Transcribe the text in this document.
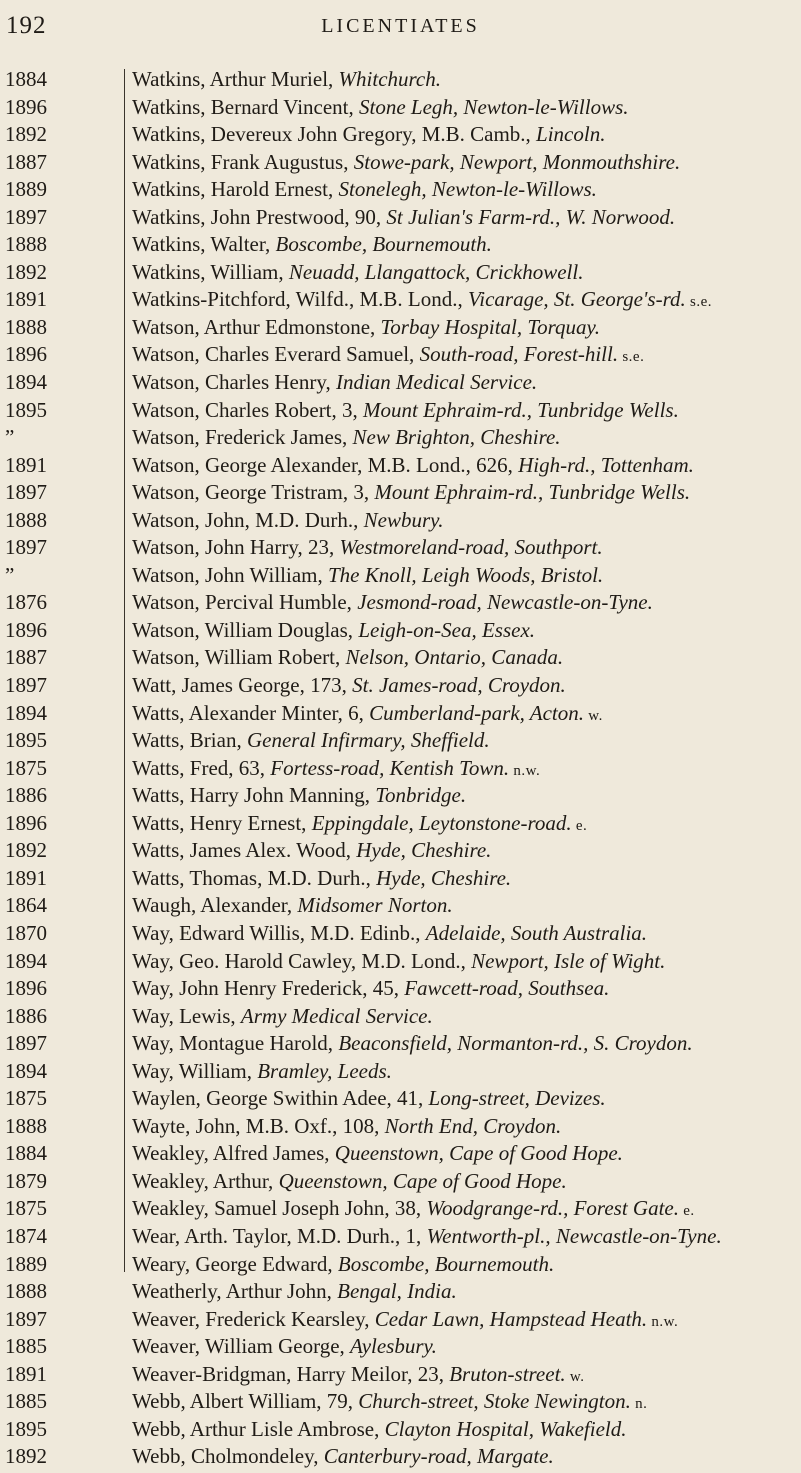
192	LICENTIATES
1884	Watkins, Arthur Muriel, Whitchurch.
1896	Watkins, Bernard Vincent, Stone Legh, Newton-le-Willows.
1892	Watkins, Devereux John Gregory, M.B. Camb., Lincoln.
1887	Watkins, Frank Augustus, Stowe-park, Newport, Monmouthshire.
1889	Watkins, Harold Ernest, Stonelegh, Newton-le-Willows.
1897	Watkins, John Prestwood, 90, St Julian's Farm-rd., W. Norwood.
1888	Watkins, Walter, Boscombe, Bournemouth.
1892	Watkins, William, Neuadd, Llangattock, Crickhowell.
1891	Watkins-Pitchford, Wilfd., M.B. Lond., Vicarage, St. George's-rd. s.e.
1888	Watson, Arthur Edmonstone, Torbay Hospital, Torquay.
1896	Watson, Charles Everard Samuel, South-road, Forest-hill. s.e.
1894	Watson, Charles Henry, Indian Medical Service.
1895	Watson, Charles Robert, 3, Mount Ephraim-rd., Tunbridge Wells.
”	Watson, Frederick James, New Brighton, Cheshire.
1891	Watson, George Alexander, M.B. Lond., 626, High-rd., Tottenham.
1897	Watson, George Tristram, 3, Mount Ephraim-rd., Tunbridge Wells.
1888	Watson, John, M.D. Durh., Newbury.
1897	Watson, John Harry, 23, Westmoreland-road, Southport.
”	Watson, John William, The Knoll, Leigh Woods, Bristol.
1876	Watson, Percival Humble, Jesmond-road, Newcastle-on-Tyne.
1896	Watson, William Douglas, Leigh-on-Sea, Essex.
1887	Watson, William Robert, Nelson, Ontario, Canada.
1897	Watt, James George, 173, St. James-road, Croydon.
1894	Watts, Alexander Minter, 6, Cumberland-park, Acton. w.
1895	Watts, Brian, General Infirmary, Sheffield.
1875	Watts, Fred, 63, Fortess-road, Kentish Town. n.w.
1886	Watts, Harry John Manning, Tonbridge.
1896	Watts, Henry Ernest, Eppingdale, Leytonstone-road. e.
1892	Watts, James Alex. Wood, Hyde, Cheshire.
1891	Watts, Thomas, M.D. Durh., Hyde, Cheshire.
1864	Waugh, Alexander, Midsomer Norton.
1870	Way, Edward Willis, M.D. Edinb., Adelaide, South Australia.
1894	Way, Geo. Harold Cawley, M.D. Lond., Newport, Isle of Wight.
1896	Way, John Henry Frederick, 45, Fawcett-road, Southsea.
1886	Way, Lewis, Army Medical Service.
1897	Way, Montague Harold, Beaconsfield, Normanton-rd., S. Croydon.
1894	Way, William, Bramley, Leeds.
1875	Waylen, George Swithin Adee, 41, Long-street, Devizes.
1888	Wayte, John, M.B. Oxf., 108, North End, Croydon.
1884	Weakley, Alfred James, Queenstown, Cape of Good Hope.
1879	Weakley, Arthur, Queenstown, Cape of Good Hope.
1875	Weakley, Samuel Joseph John, 38, Woodgrange-rd., Forest Gate. e.
1874	Wear, Arth. Taylor, M.D. Durh., 1, Wentworth-pl., Newcastle-on-Tyne.
1889	Weary, George Edward, Boscombe, Bournemouth.
1888	Weatherly, Arthur John, Bengal, India.
1897	Weaver, Frederick Kearsley, Cedar Lawn, Hampstead Heath. n.w.
1885	Weaver, William George, Aylesbury.
1891	Weaver-Bridgman, Harry Meilor, 23, Bruton-street. w.
1885	Webb, Albert William, 79, Church-street, Stoke Newington. n.
1895	Webb, Arthur Lisle Ambrose, Clayton Hospital, Wakefield.
1892	Webb, Cholmondeley, Canterbury-road, Margate.
